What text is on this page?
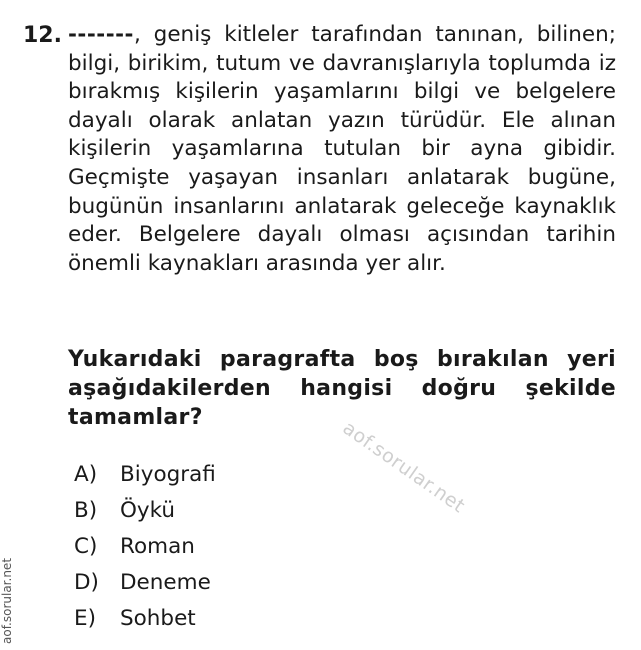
12. -------, geniş kitleler tarafından tanınan, bilinen; bilgi, birikim, tutum ve davranışlarıyla toplumda iz bırakmış kişilerin yaşamlarını bilgi ve belgelere dayalı olarak anlatan yazın türüdür. Ele alınan kişilerin yaşamlarına tutulan bir ayna gibidir. Geçmişte yaşayan insanları anlatarak bugüne, bugünün insanlarını anlatarak geleceğe kaynaklık eder. Belgelere dayalı olması açısından tarihin önemli kaynakları arasında yer alır.

Yukarıdaki paragrafta boş bırakılan yeri aşağıdakilerden hangisi doğru şekilde tamamlar?

A)	Biyografi
B)	Öykü
C)	Roman
D) Deneme
E)	Sohbet
aof.sorular.net
aof.sorular.net
